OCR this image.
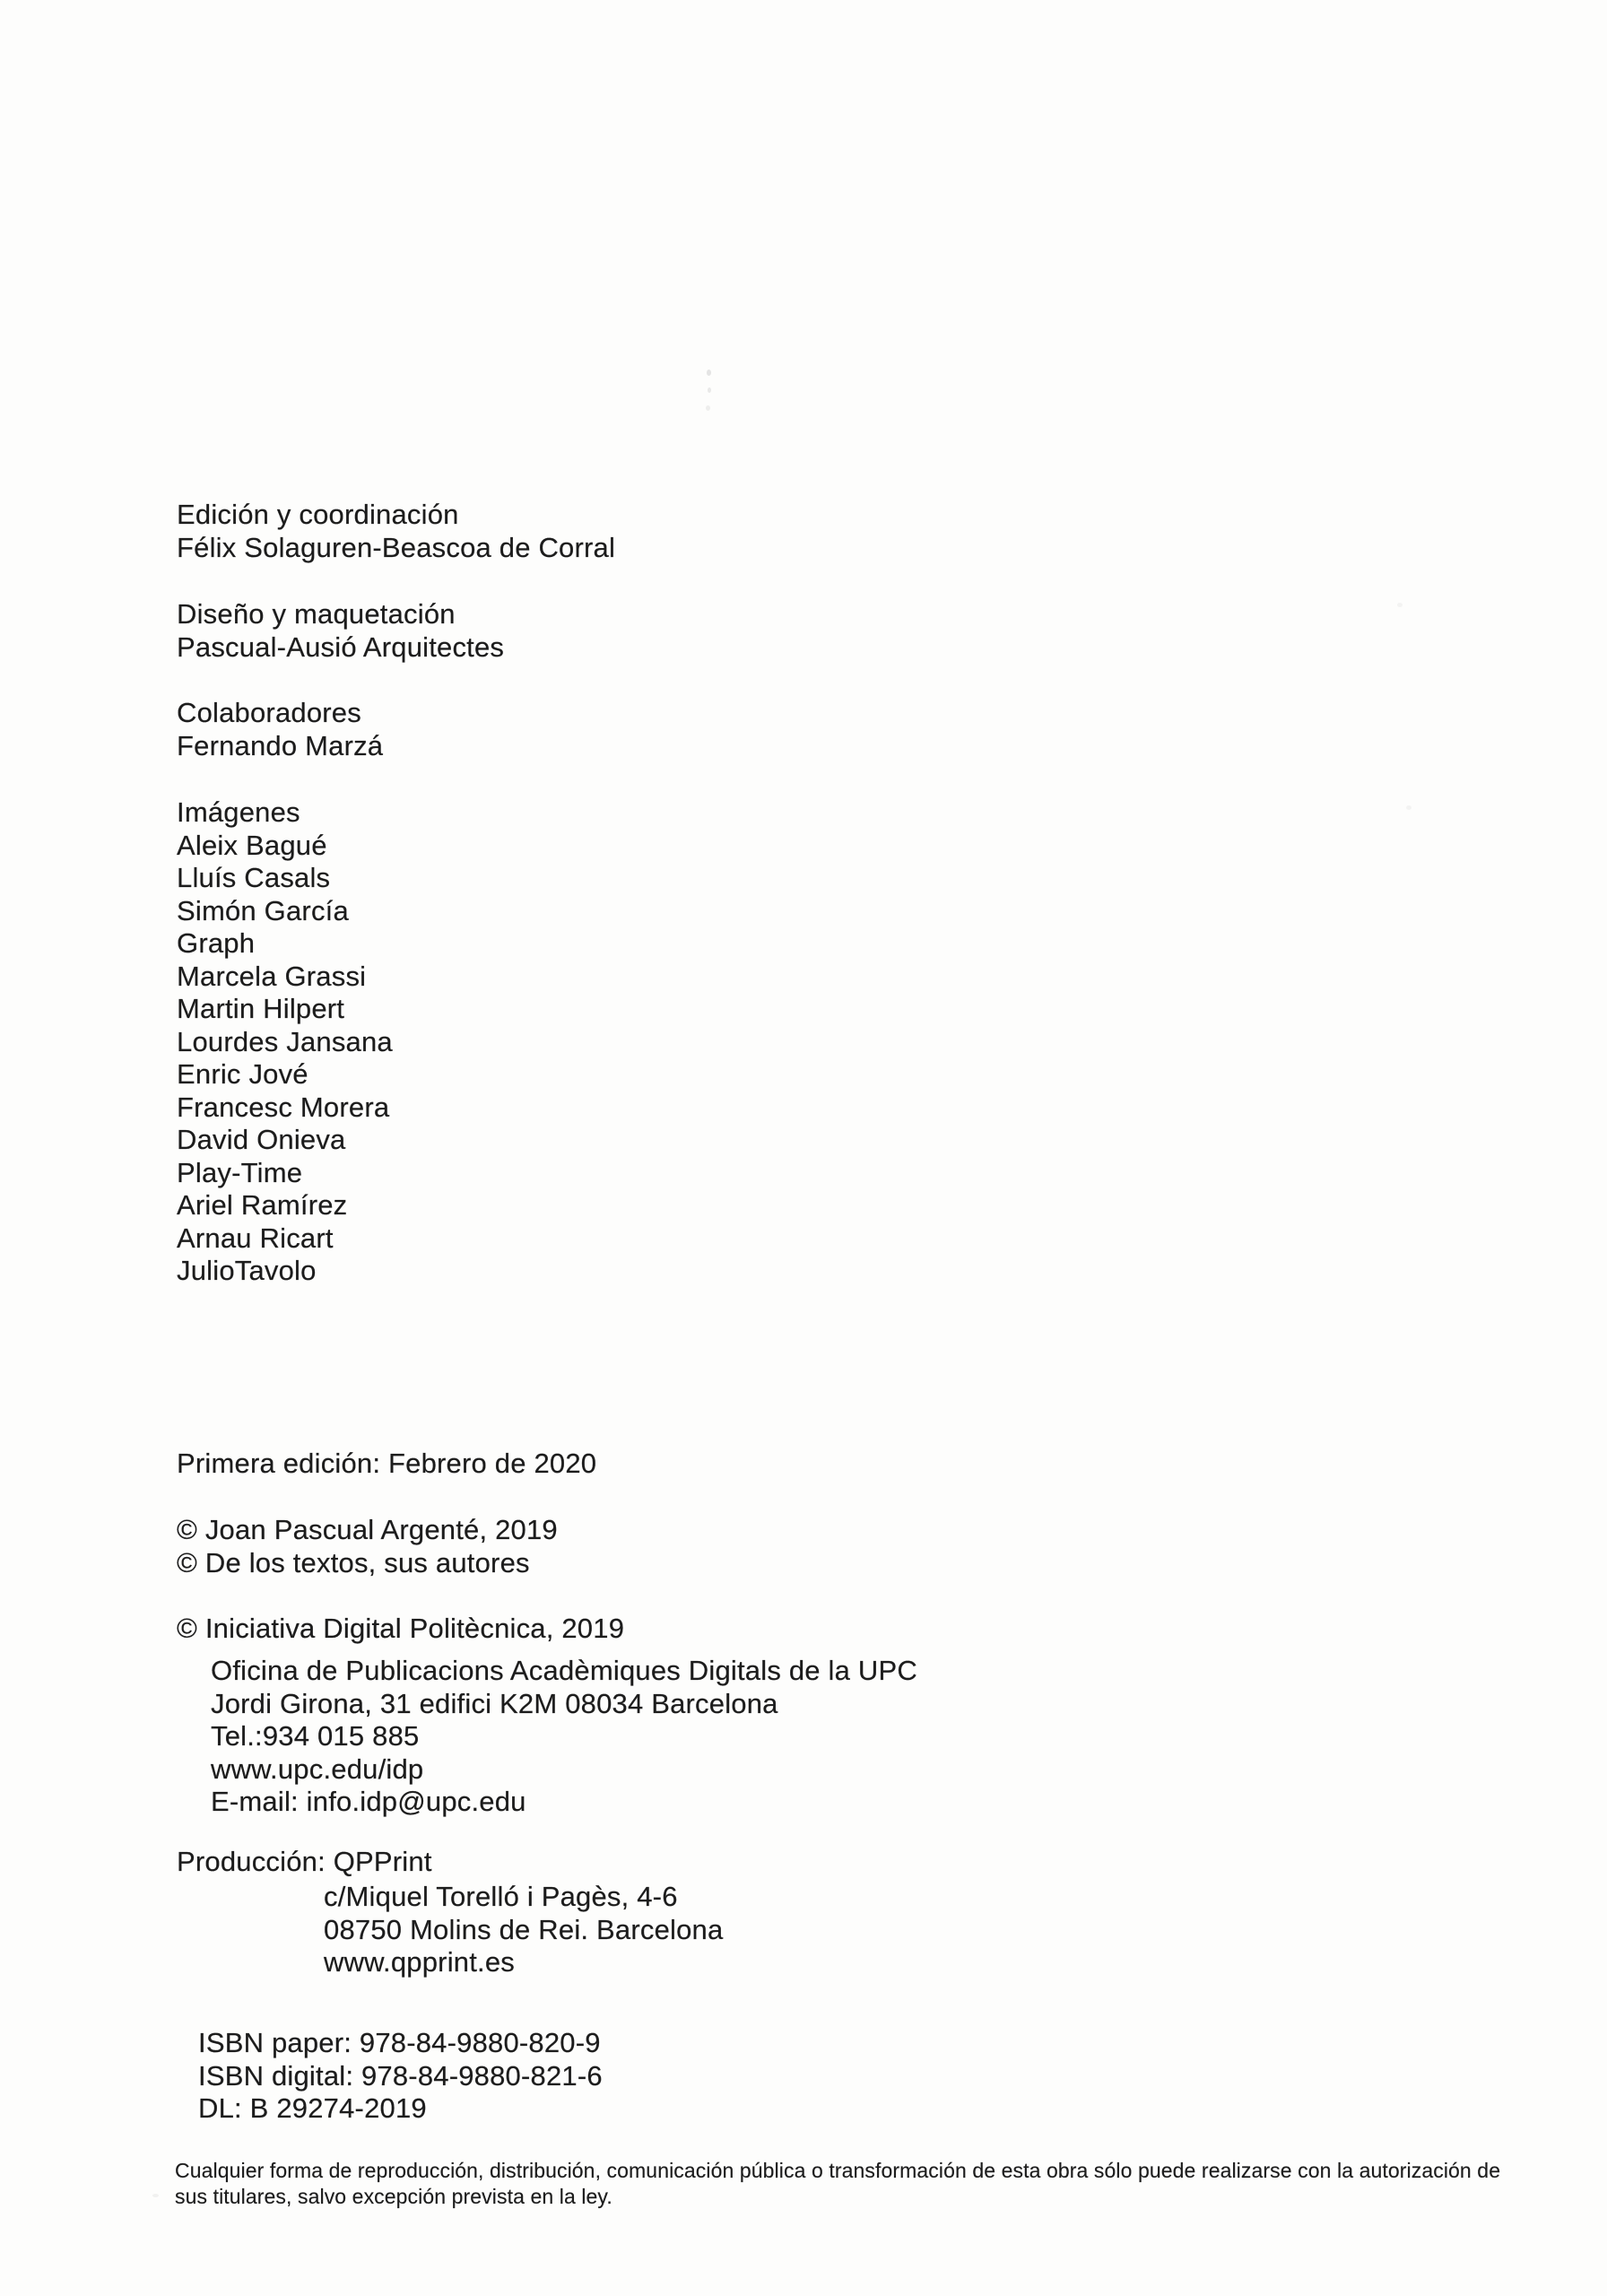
Edición y coordinación
Félix Solaguren-Beascoa de Corral
Diseño y maquetación
Pascual-Ausió Arquitectes
Colaboradores
Fernando Marzá
Imágenes
Aleix Bagué
Lluís Casals
Simón García
Graph
Marcela Grassi
Martin Hilpert
Lourdes Jansana
Enric Jové
Francesc Morera
David Onieva
Play-Time
Ariel Ramírez
Arnau Ricart
JulioTavolo
Primera edición: Febrero de 2020
© Joan Pascual Argenté, 2019
© De los textos, sus autores
© Iniciativa Digital Politècnica, 2019
Oficina de Publicacions Acadèmiques Digitals de la UPC
Jordi Girona, 31 edifici K2M 08034 Barcelona
Tel.:934 015 885
www.upc.edu/idp
E-mail: info.idp@upc.edu
Producción: QPPrint
c/Miquel Torelló i Pagès, 4-6
08750 Molins de Rei. Barcelona
www.qpprint.es
ISBN paper: 978-84-9880-820-9
ISBN digital: 978-84-9880-821-6
DL: B 29274-2019
Cualquier forma de reproducción, distribución, comunicación pública o transformación de esta obra sólo puede realizarse con la autorización de sus titulares, salvo excepción prevista en la ley.
